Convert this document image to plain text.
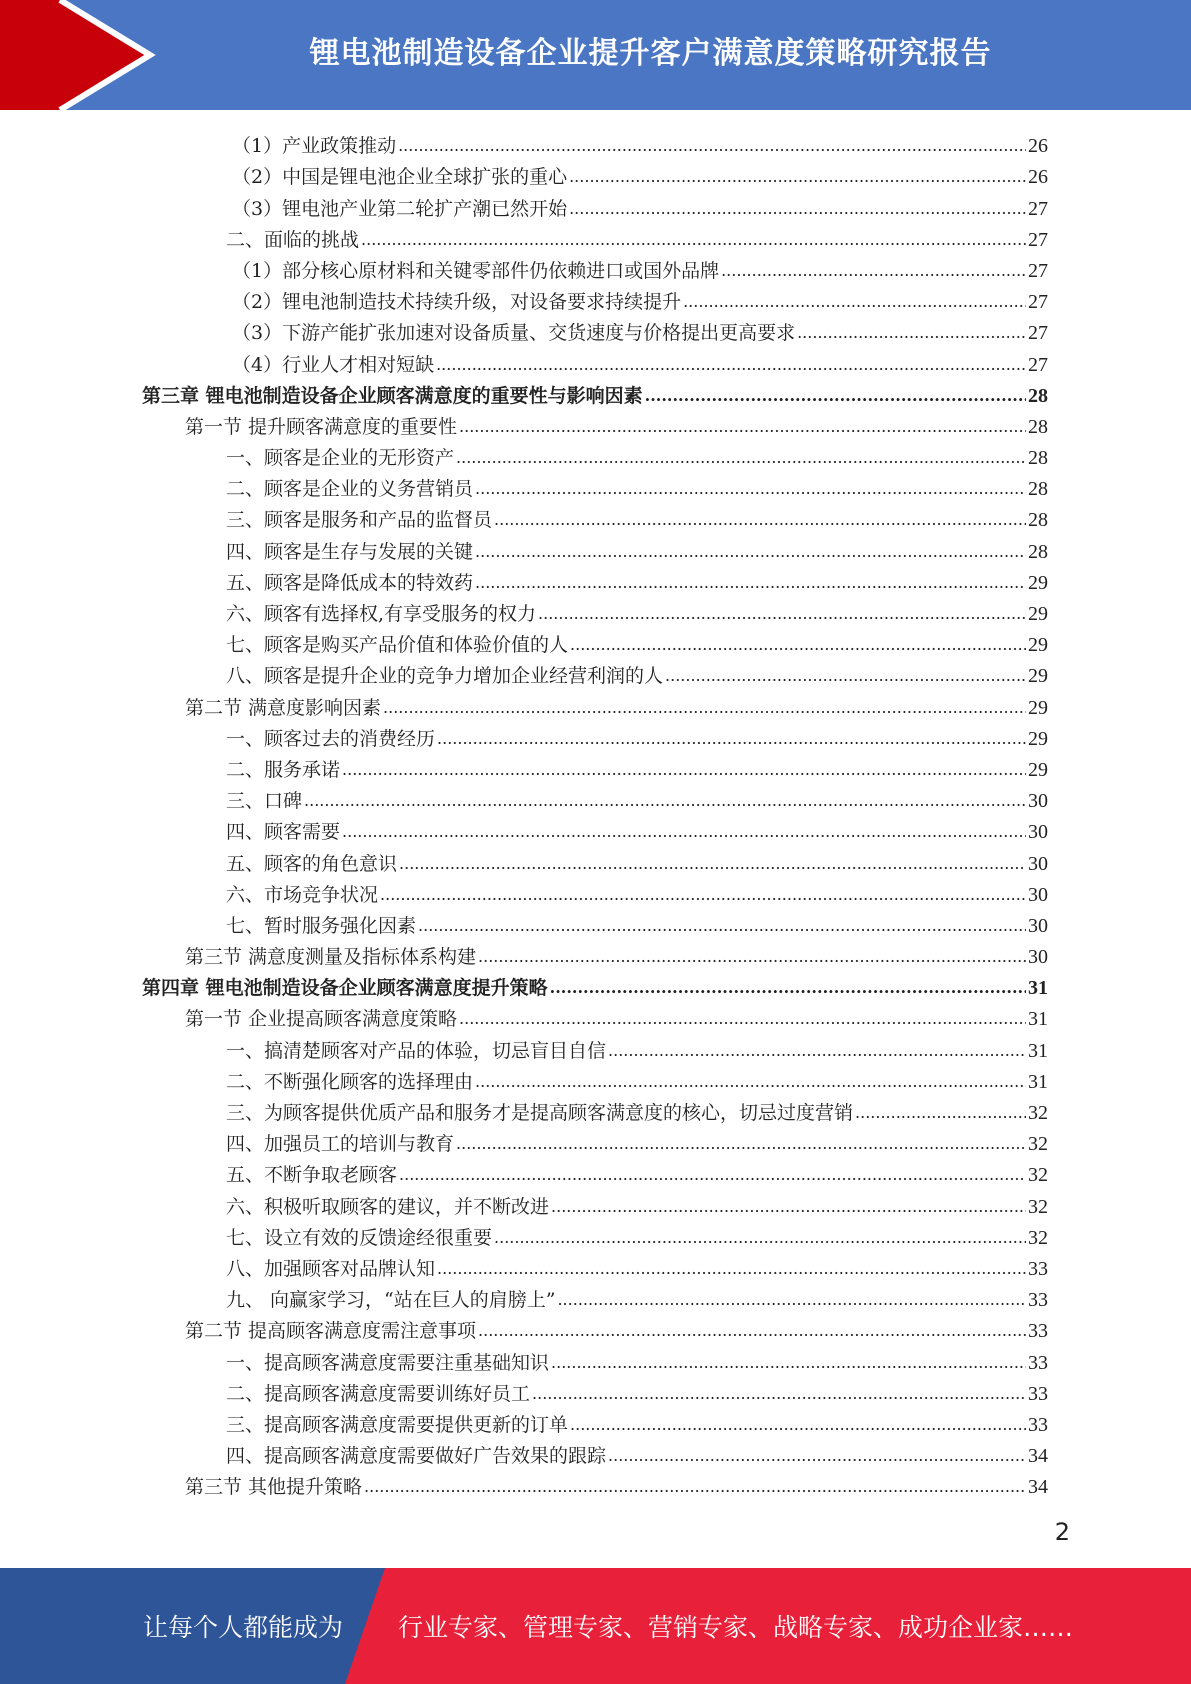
锂电池制造设备企业提升客户满意度策略研究报告
（1）产业政策推动 .....	26
（2）中国是锂电池企业全球扩张的重心 .....	26
（3）锂电池产业第二轮扩产潮已然开始 .....	27
二、面临的挑战 .....	27
（1）部分核心原材料和关键零部件仍依赖进口或国外品牌 .....	27
（2）锂电池制造技术持续升级，对设备要求持续提升 .....	27
（3）下游产能扩张加速对设备质量、交货速度与价格提出更高要求 .....	27
（4）行业人才相对短缺 .....	27
第三章 锂电池制造设备企业顾客满意度的重要性与影响因素 .....	28
第一节 提升顾客满意度的重要性 .....	28
一、顾客是企业的无形资产 .....	28
二、顾客是企业的义务营销员 .....	28
三、顾客是服务和产品的监督员 .....	28
四、顾客是生存与发展的关键 .....	28
五、顾客是降低成本的特效药 .....	29
六、顾客有选择权,有享受服务的权力 .....	29
七、顾客是购买产品价值和体验价值的人 .....	29
八、顾客是提升企业的竞争力增加企业经营利润的人 .....	29
第二节 满意度影响因素 .....	29
一、顾客过去的消费经历 .....	29
二、服务承诺 .....	29
三、口碑 .....	30
四、顾客需要 .....	30
五、顾客的角色意识 .....	30
六、市场竞争状况 .....	30
七、暂时服务强化因素 .....	30
第三节 满意度测量及指标体系构建 .....	30
第四章 锂电池制造设备企业顾客满意度提升策略 .....	31
第一节 企业提高顾客满意度策略 .....	31
一、搞清楚顾客对产品的体验，切忌盲目自信 .....	31
二、不断强化顾客的选择理由 .....	31
三、为顾客提供优质产品和服务才是提高顾客满意度的核心，切忌过度营销 .....	32
四、加强员工的培训与教育 .....	32
五、不断争取老顾客 .....	32
六、积极听取顾客的建议，并不断改进 .....	32
七、设立有效的反馈途经很重要 .....	32
八、加强顾客对品牌认知 .....	33
九、 向赢家学习，“站在巨人的肩膀上” .....	33
第二节 提高顾客满意度需注意事项 .....	33
一、提高顾客满意度需要注重基础知识 .....	33
二、提高顾客满意度需要训练好员工 .....	33
三、提高顾客满意度需要提供更新的订单 .....	33
四、提高顾客满意度需要做好广告效果的跟踪 .....	34
第三节 其他提升策略 .....	34
2
让每个人都能成为 行业专家、管理专家、营销专家、战略专家、成功企业家……
